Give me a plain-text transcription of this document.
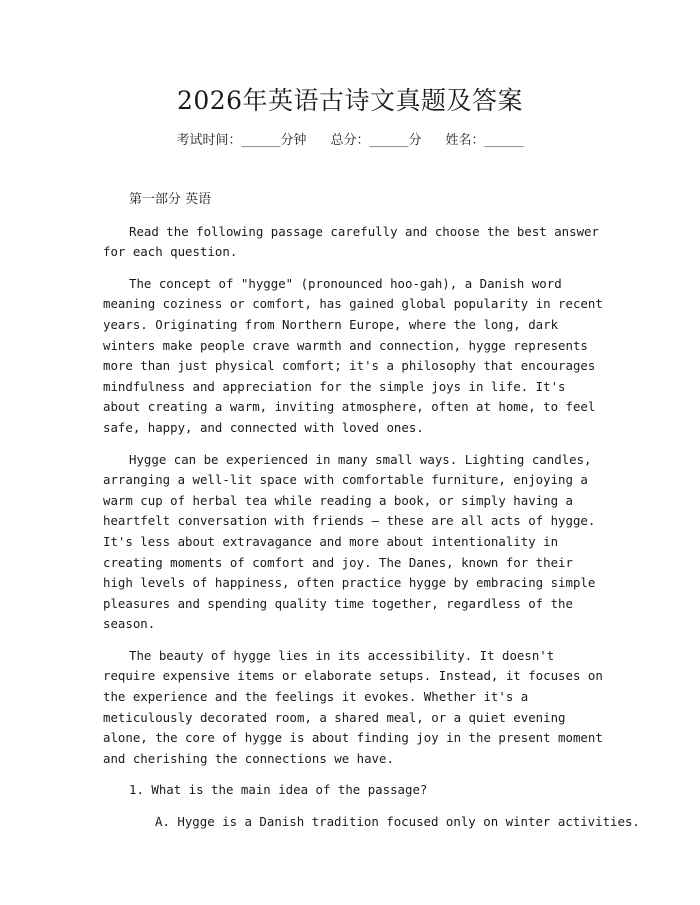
2026年英语古诗文真题及答案
考试时间：______分钟 总分：______分 姓名：______
第一部分 英语

Read the following passage carefully and choose the best answer for each question.

The concept of "hygge" (pronounced hoo-gah), a Danish word meaning coziness or comfort, has gained global popularity in recent years. Originating from Northern Europe, where the long, dark winters make people crave warmth and connection, hygge represents more than just physical comfort; it's a philosophy that encourages mindfulness and appreciation for the simple joys in life. It's about creating a warm, inviting atmosphere, often at home, to feel safe, happy, and connected with loved ones.

Hygge can be experienced in many small ways. Lighting candles, arranging a well-lit space with comfortable furniture, enjoying a warm cup of herbal tea while reading a book, or simply having a heartfelt conversation with friends – these are all acts of hygge. It's less about extravagance and more about intentionality in creating moments of comfort and joy. The Danes, known for their high levels of happiness, often practice hygge by embracing simple pleasures and spending quality time together, regardless of the season.

The beauty of hygge lies in its accessibility. It doesn't require expensive items or elaborate setups. Instead, it focuses on the experience and the feelings it evokes. Whether it's a meticulously decorated room, a shared meal, or a quiet evening alone, the core of hygge is about finding joy in the present moment and cherishing the connections we have.

1. What is the main idea of the passage?

A. Hygge is a Danish tradition focused only on winter activities.
